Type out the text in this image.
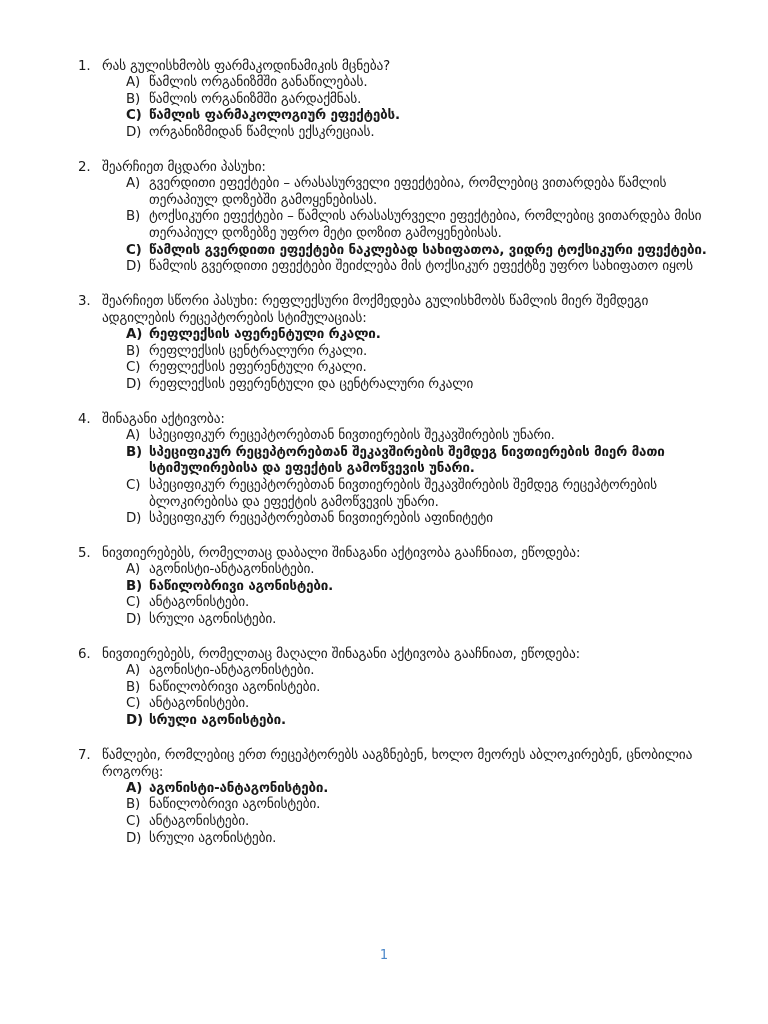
1. რას გულისხმობს ფარმაკოდინამიკის მცნება?
A) წამლის ორგანიზმში განაწილებას.
B) წამლის ორგანიზმში გარდაქმნას.
C) წამლის ფარმაკოლოგიურ ეფექტებს.
D) ორგანიზმიდან წამლის ექსკრეციას.
2. შეარჩიეთ მცდარი პასუხი:
A) გვერდითი ეფექტები – არასასურველი ეფექტებია, რომლებიც ვითარდება წამლის თერაპიულ დოზებში გამოყენებისას.
B) ტოქსიკური ეფექტები – წამლის არასასურველი ეფექტებია, რომლებიც ვითარდება მისი თერაპიულ დოზებზე უფრო მეტი დოზით გამოყენებისას.
C) წამლის გვერდითი ეფექტები ნაკლებად სახიფათოა, ვიდრე ტოქსიკური ეფექტები.
D) წამლის გვერდითი ეფექტები შეიძლება მის ტოქსიკურ ეფექტზე უფრო სახიფათო იყოს
3. შეარჩიეთ სწორი პასუხი: რეფლექსური მოქმედება გულისხმობს წამლის მიერ შემდეგი ადგილების რეცეპტორების სტიმულაციას:
A) რეფლექსის აფერენტული რკალი.
B) რეფლექსის ცენტრალური რკალი.
C) რეფლექსის ეფერენტული რკალი.
D) რეფლექსის ეფერენტული და ცენტრალური რკალი
4. შინაგანი აქტივობა:
A) სპეციფიკურ რეცეპტორებთან ნივთიერების შეკავშირების უნარი.
B) სპეციფიკურ რეცეპტორებთან შეკავშირების შემდეგ ნივთიერების მიერ მათი სტიმულირებისა და ეფექტის გამოწვევის უნარი.
C) სპეციფიკურ რეცეპტორებთან ნივთიერების შეკავშირების შემდეგ რეცეპტორების ბლოკირებისა და ეფექტის გამოწვევის უნარი.
D) სპეციფიკურ რეცეპტორებთან ნივთიერების აფინიტეტი
5. ნივთიერებებს, რომელთაც დაბალი შინაგანი აქტივობა გააჩნიათ, ეწოდება:
A) აგონისტი-ანტაგონისტები.
B) ნაწილობრივი აგონისტები.
C) ანტაგონისტები.
D) სრული აგონისტები.
6. ნივთიერებებს, რომელთაც მაღალი შინაგანი აქტივობა გააჩნიათ, ეწოდება:
A) აგონისტი-ანტაგონისტები.
B) ნაწილობრივი აგონისტები.
C) ანტაგონისტები.
D) სრული აგონისტები.
7. წამლები, რომლებიც ერთ რეცეპტორებს ააგზნებენ, ხოლო მეორეს აბლოკირებენ, ცნობილია როგორც:
A) აგონისტი-ანტაგონისტები.
B) ნაწილობრივი აგონისტები.
C) ანტაგონისტები.
D) სრული აგონისტები.
1
